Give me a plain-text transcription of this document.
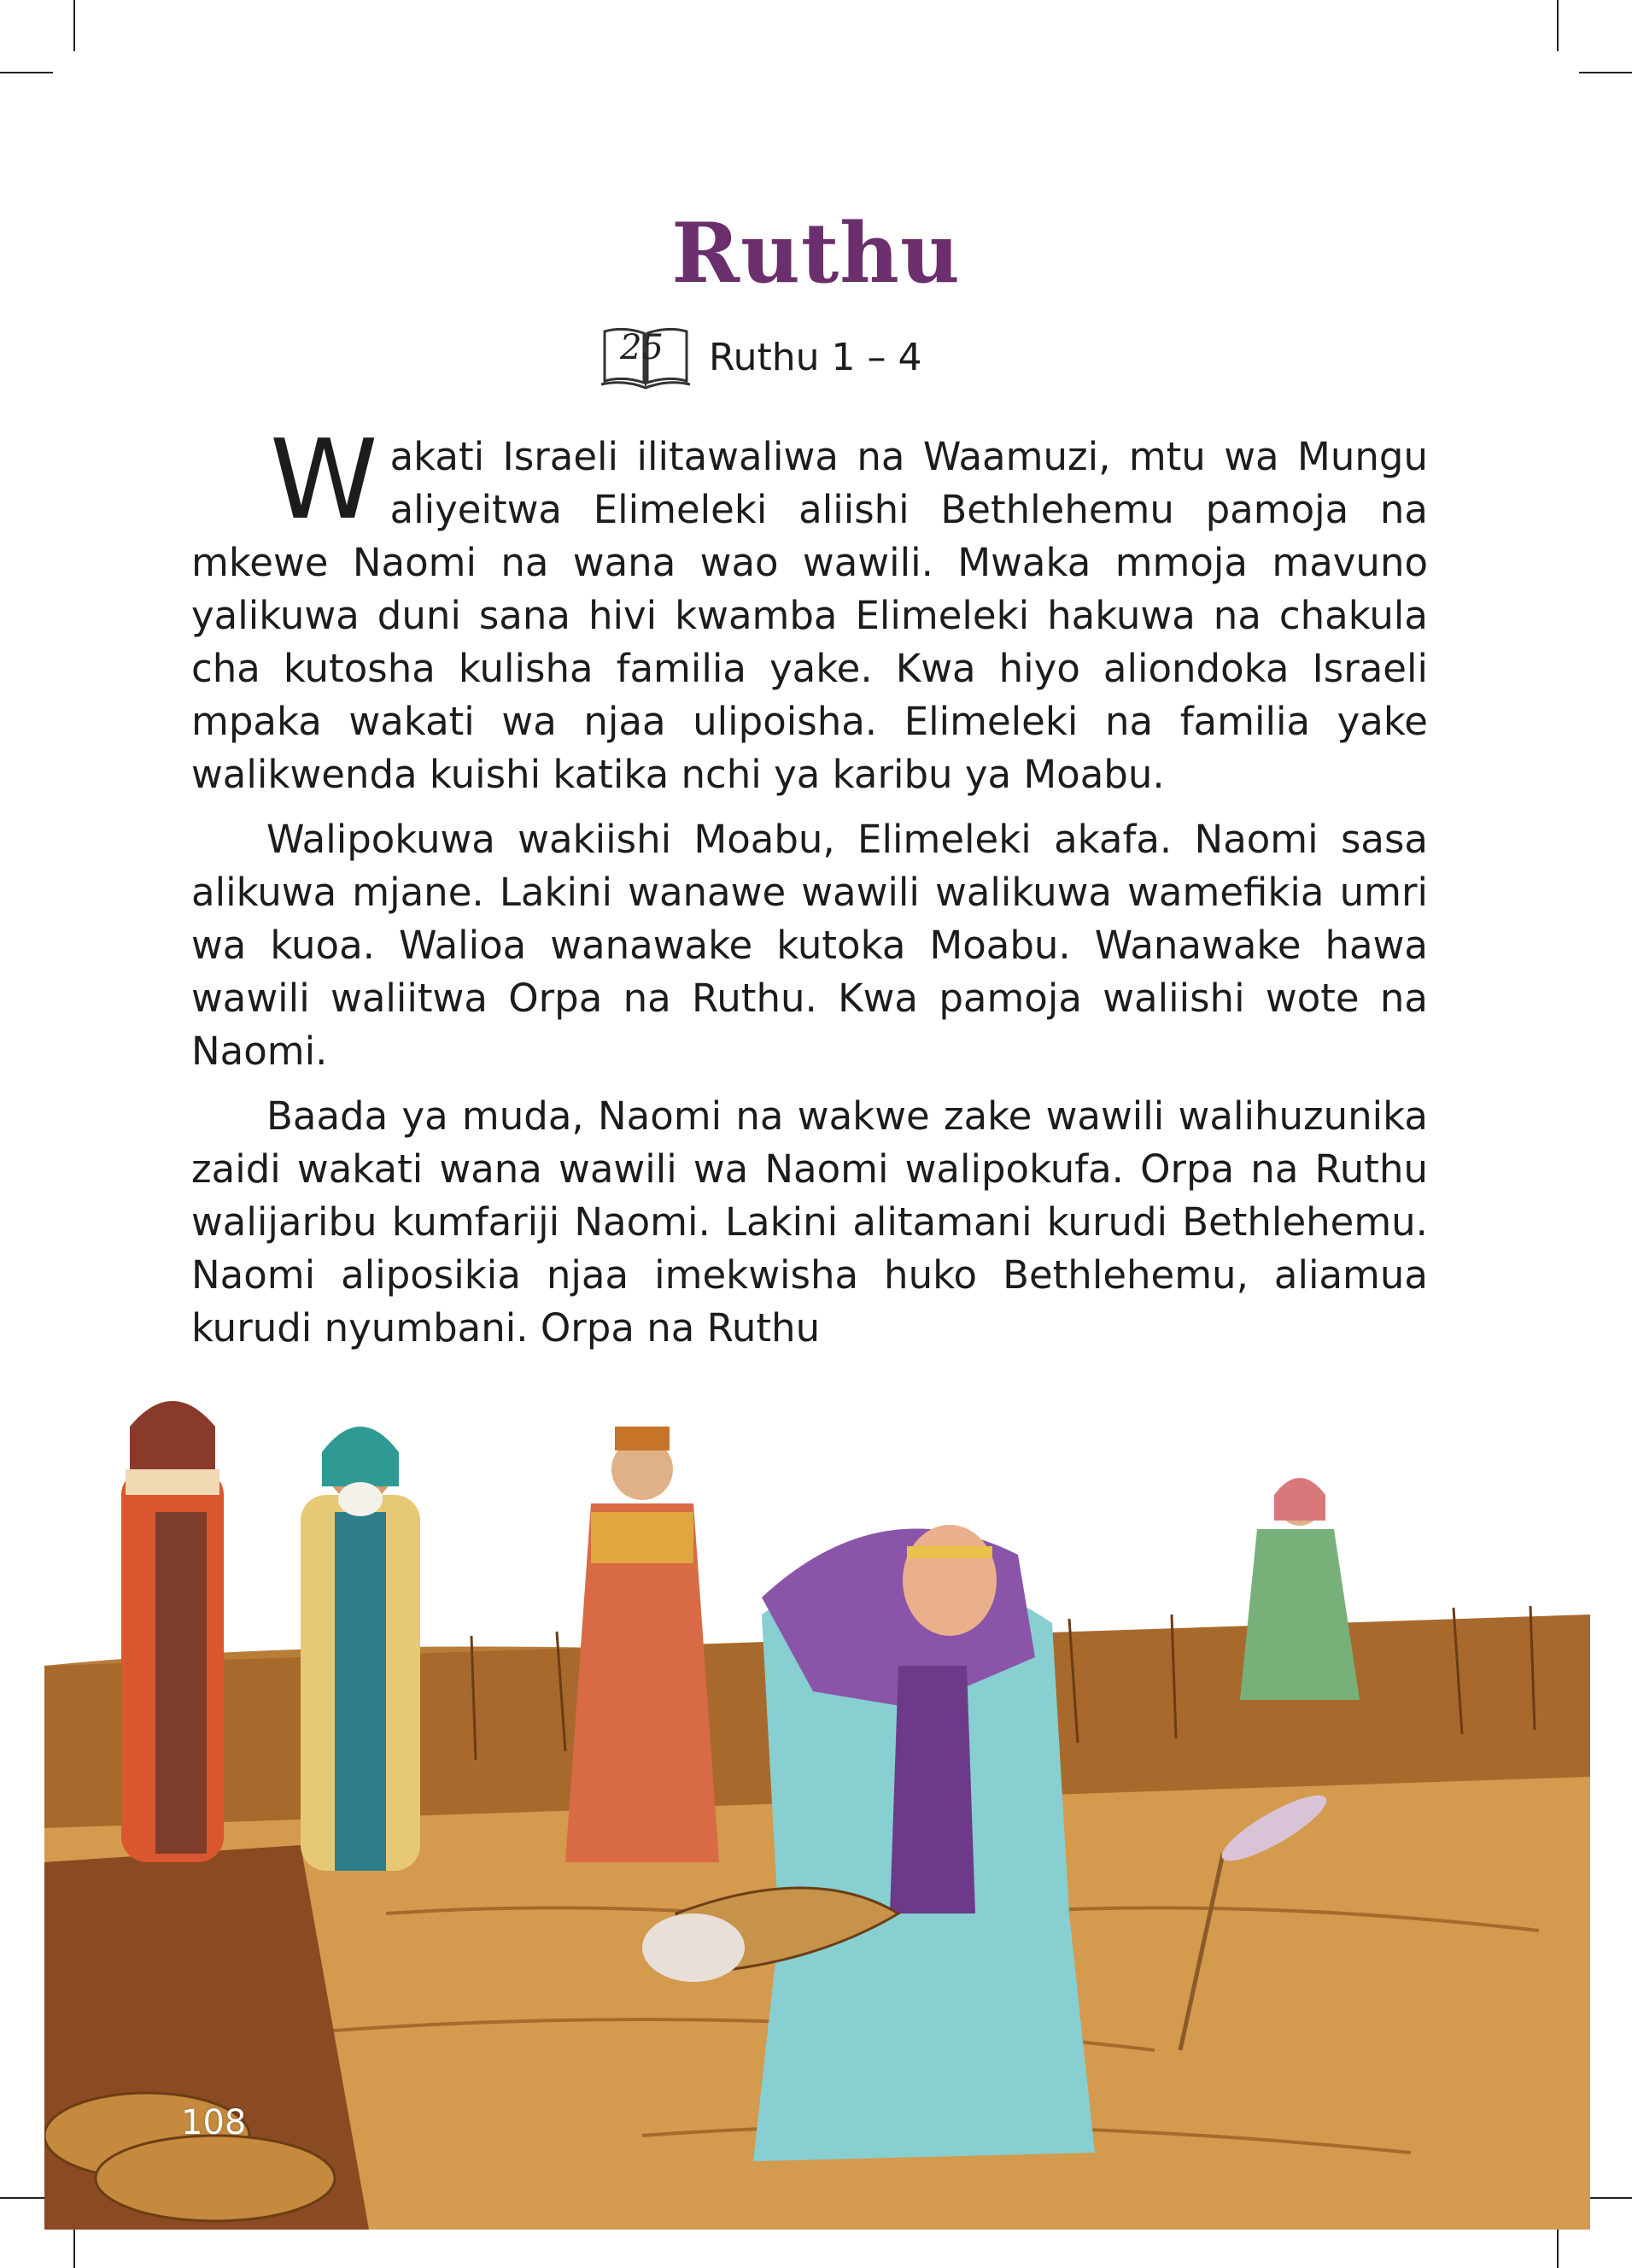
Ruthu
25 Ruthu 1 – 4

Wakati Israeli ilitawaliwa na Waamuzi, mtu wa Mungu aliyeitwa Elimeleki aliishi Bethlehemu pamoja na mkewe Naomi na wana wao wawili. Mwaka mmoja mavuno yalikuwa duni sana hivi kwamba Elimeleki hakuwa na chakula cha kutosha kulisha familia yake. Kwa hiyo aliondoka Israeli mpaka wakati wa njaa ulipoisha. Elimeleki na familia yake walikwenda kuishi katika nchi ya karibu ya Moabu.

Walipokuwa wakiishi Moabu, Elimeleki akafa. Naomi sasa alikuwa mjane. Lakini wanawe wawili walikuwa wamefikia umri wa kuoa. Walioa wanawake kutoka Moabu. Wanawake hawa wawili waliitwa Orpa na Ruthu. Kwa pamoja waliishi wote na Naomi.

Baada ya muda, Naomi na wakwe zake wawili walihuzunika zaidi wakati wana wawili wa Naomi walipokufa. Orpa na Ruthu walijaribu kumfariji Naomi. Lakini alitamani kurudi Bethlehemu. Naomi aliposikia njaa imekwisha huko Bethlehemu, aliamua kurudi nyumbani. Orpa na Ruthu

108
